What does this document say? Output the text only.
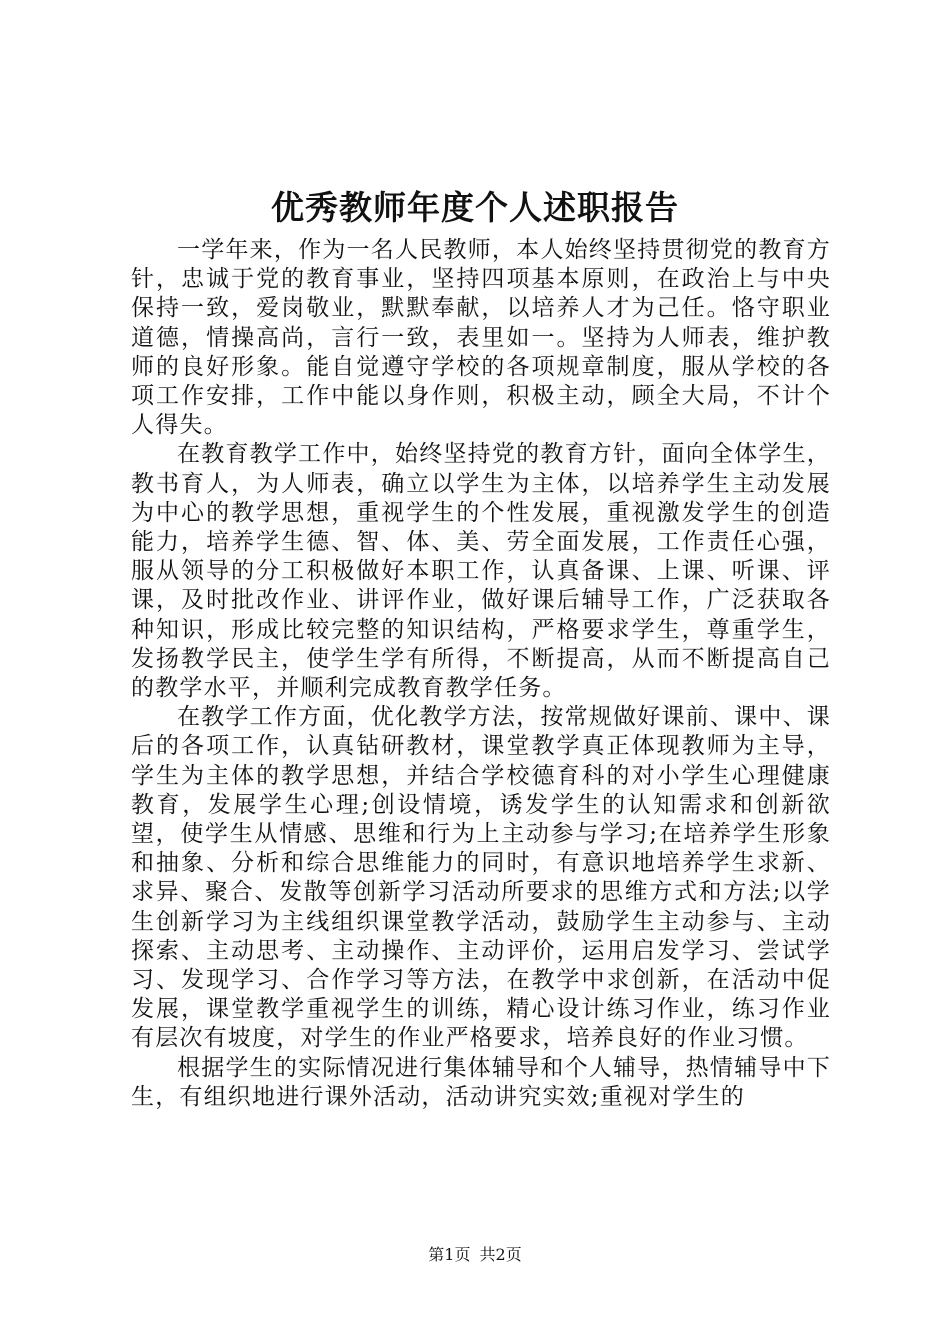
优秀教师年度个人述职报告

一学年来，作为一名人民教师，本人始终坚持贯彻党的教育方针，忠诚于党的教育事业，坚持四项基本原则，在政治上与中央保持一致，爱岗敬业，默默奉献，以培养人才为己任。恪守职业道德，情操高尚，言行一致，表里如一。坚持为人师表，维护教师的良好形象。能自觉遵守学校的各项规章制度，服从学校的各项工作安排，工作中能以身作则，积极主动，顾全大局，不计个人得失。

在教育教学工作中，始终坚持党的教育方针，面向全体学生，教书育人，为人师表，确立以学生为主体，以培养学生主动发展为中心的教学思想，重视学生的个性发展，重视激发学生的创造能力，培养学生德、智、体、美、劳全面发展，工作责任心强，服从领导的分工积极做好本职工作，认真备课、上课、听课、评课，及时批改作业、讲评作业，做好课后辅导工作，广泛获取各种知识，形成比较完整的知识结构，严格要求学生，尊重学生，发扬教学民主，使学生学有所得，不断提高，从而不断提高自己的教学水平，并顺利完成教育教学任务。

在教学工作方面，优化教学方法，按常规做好课前、课中、课后的各项工作，认真钻研教材，课堂教学真正体现教师为主导，学生为主体的教学思想，并结合学校德育科的对小学生心理健康教育，发展学生心理;创设情境，诱发学生的认知需求和创新欲望，使学生从情感、思维和行为上主动参与学习;在培养学生形象和抽象、分析和综合思维能力的同时，有意识地培养学生求新、求异、聚合、发散等创新学习活动所要求的思维方式和方法;以学生创新学习为主线组织课堂教学活动，鼓励学生主动参与、主动探索、主动思考、主动操作、主动评价，运用启发学习、尝试学习、发现学习、合作学习等方法，在教学中求创新，在活动中促发展，课堂教学重视学生的训练，精心设计练习作业，练习作业有层次有坡度，对学生的作业严格要求，培养良好的作业习惯。

根据学生的实际情况进行集体辅导和个人辅导，热情辅导中下生，有组织地进行课外活动，活动讲究实效;重视对学生的

第1页 共2页
